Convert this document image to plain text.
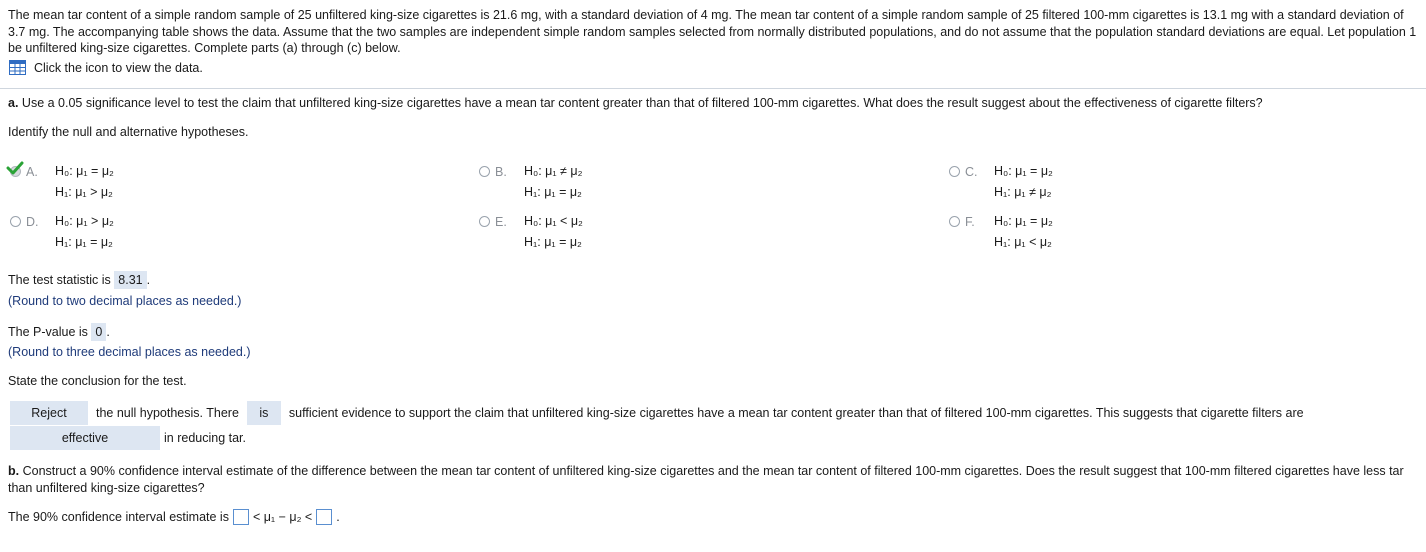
The mean tar content of a simple random sample of 25 unfiltered king-size cigarettes is 21.6 mg, with a standard deviation of 4 mg. The mean tar content of a simple random sample of 25 filtered 100-mm cigarettes is 13.1 mg with a standard deviation of 3.7 mg. The accompanying table shows the data. Assume that the two samples are independent simple random samples selected from normally distributed populations, and do not assume that the population standard deviations are equal. Let population 1 be unfiltered king-size cigarettes. Complete parts (a) through (c) below.
Click the icon to view the data.
a. Use a 0.05 significance level to test the claim that unfiltered king-size cigarettes have a mean tar content greater than that of filtered 100-mm cigarettes. What does the result suggest about the effectiveness of cigarette filters?
Identify the null and alternative hypotheses.
A.	H₀: μ₁ = μ₂
H₁: μ₁ > μ₂
B.	H₀: μ₁ ≠ μ₂
H₁: μ₁ = μ₂
C.	H₀: μ₁ = μ₂
H₁: μ₁ ≠ μ₂
D.	H₀: μ₁ > μ₂
H₁: μ₁ = μ₂
E.	H₀: μ₁ < μ₂
H₁: μ₁ = μ₂
F.	H₀: μ₁ = μ₂
H₁: μ₁ < μ₂
The test statistic is 8.31 .
(Round to two decimal places as needed.)
The P-value is 0 .
(Round to three decimal places as needed.)
State the conclusion for the test.
Reject	the null hypothesis. There	is	sufficient evidence to support the claim that unfiltered king-size cigarettes have a mean tar content greater than that of filtered 100-mm cigarettes. This suggests that cigarette filters are
effective	in reducing tar.
b. Construct a 90% confidence interval estimate of the difference between the mean tar content of unfiltered king-size cigarettes and the mean tar content of filtered 100-mm cigarettes. Does the result suggest that 100-mm filtered cigarettes have less tar than unfiltered king-size cigarettes?
The 90% confidence interval estimate is < μ₁ − μ₂ < .
